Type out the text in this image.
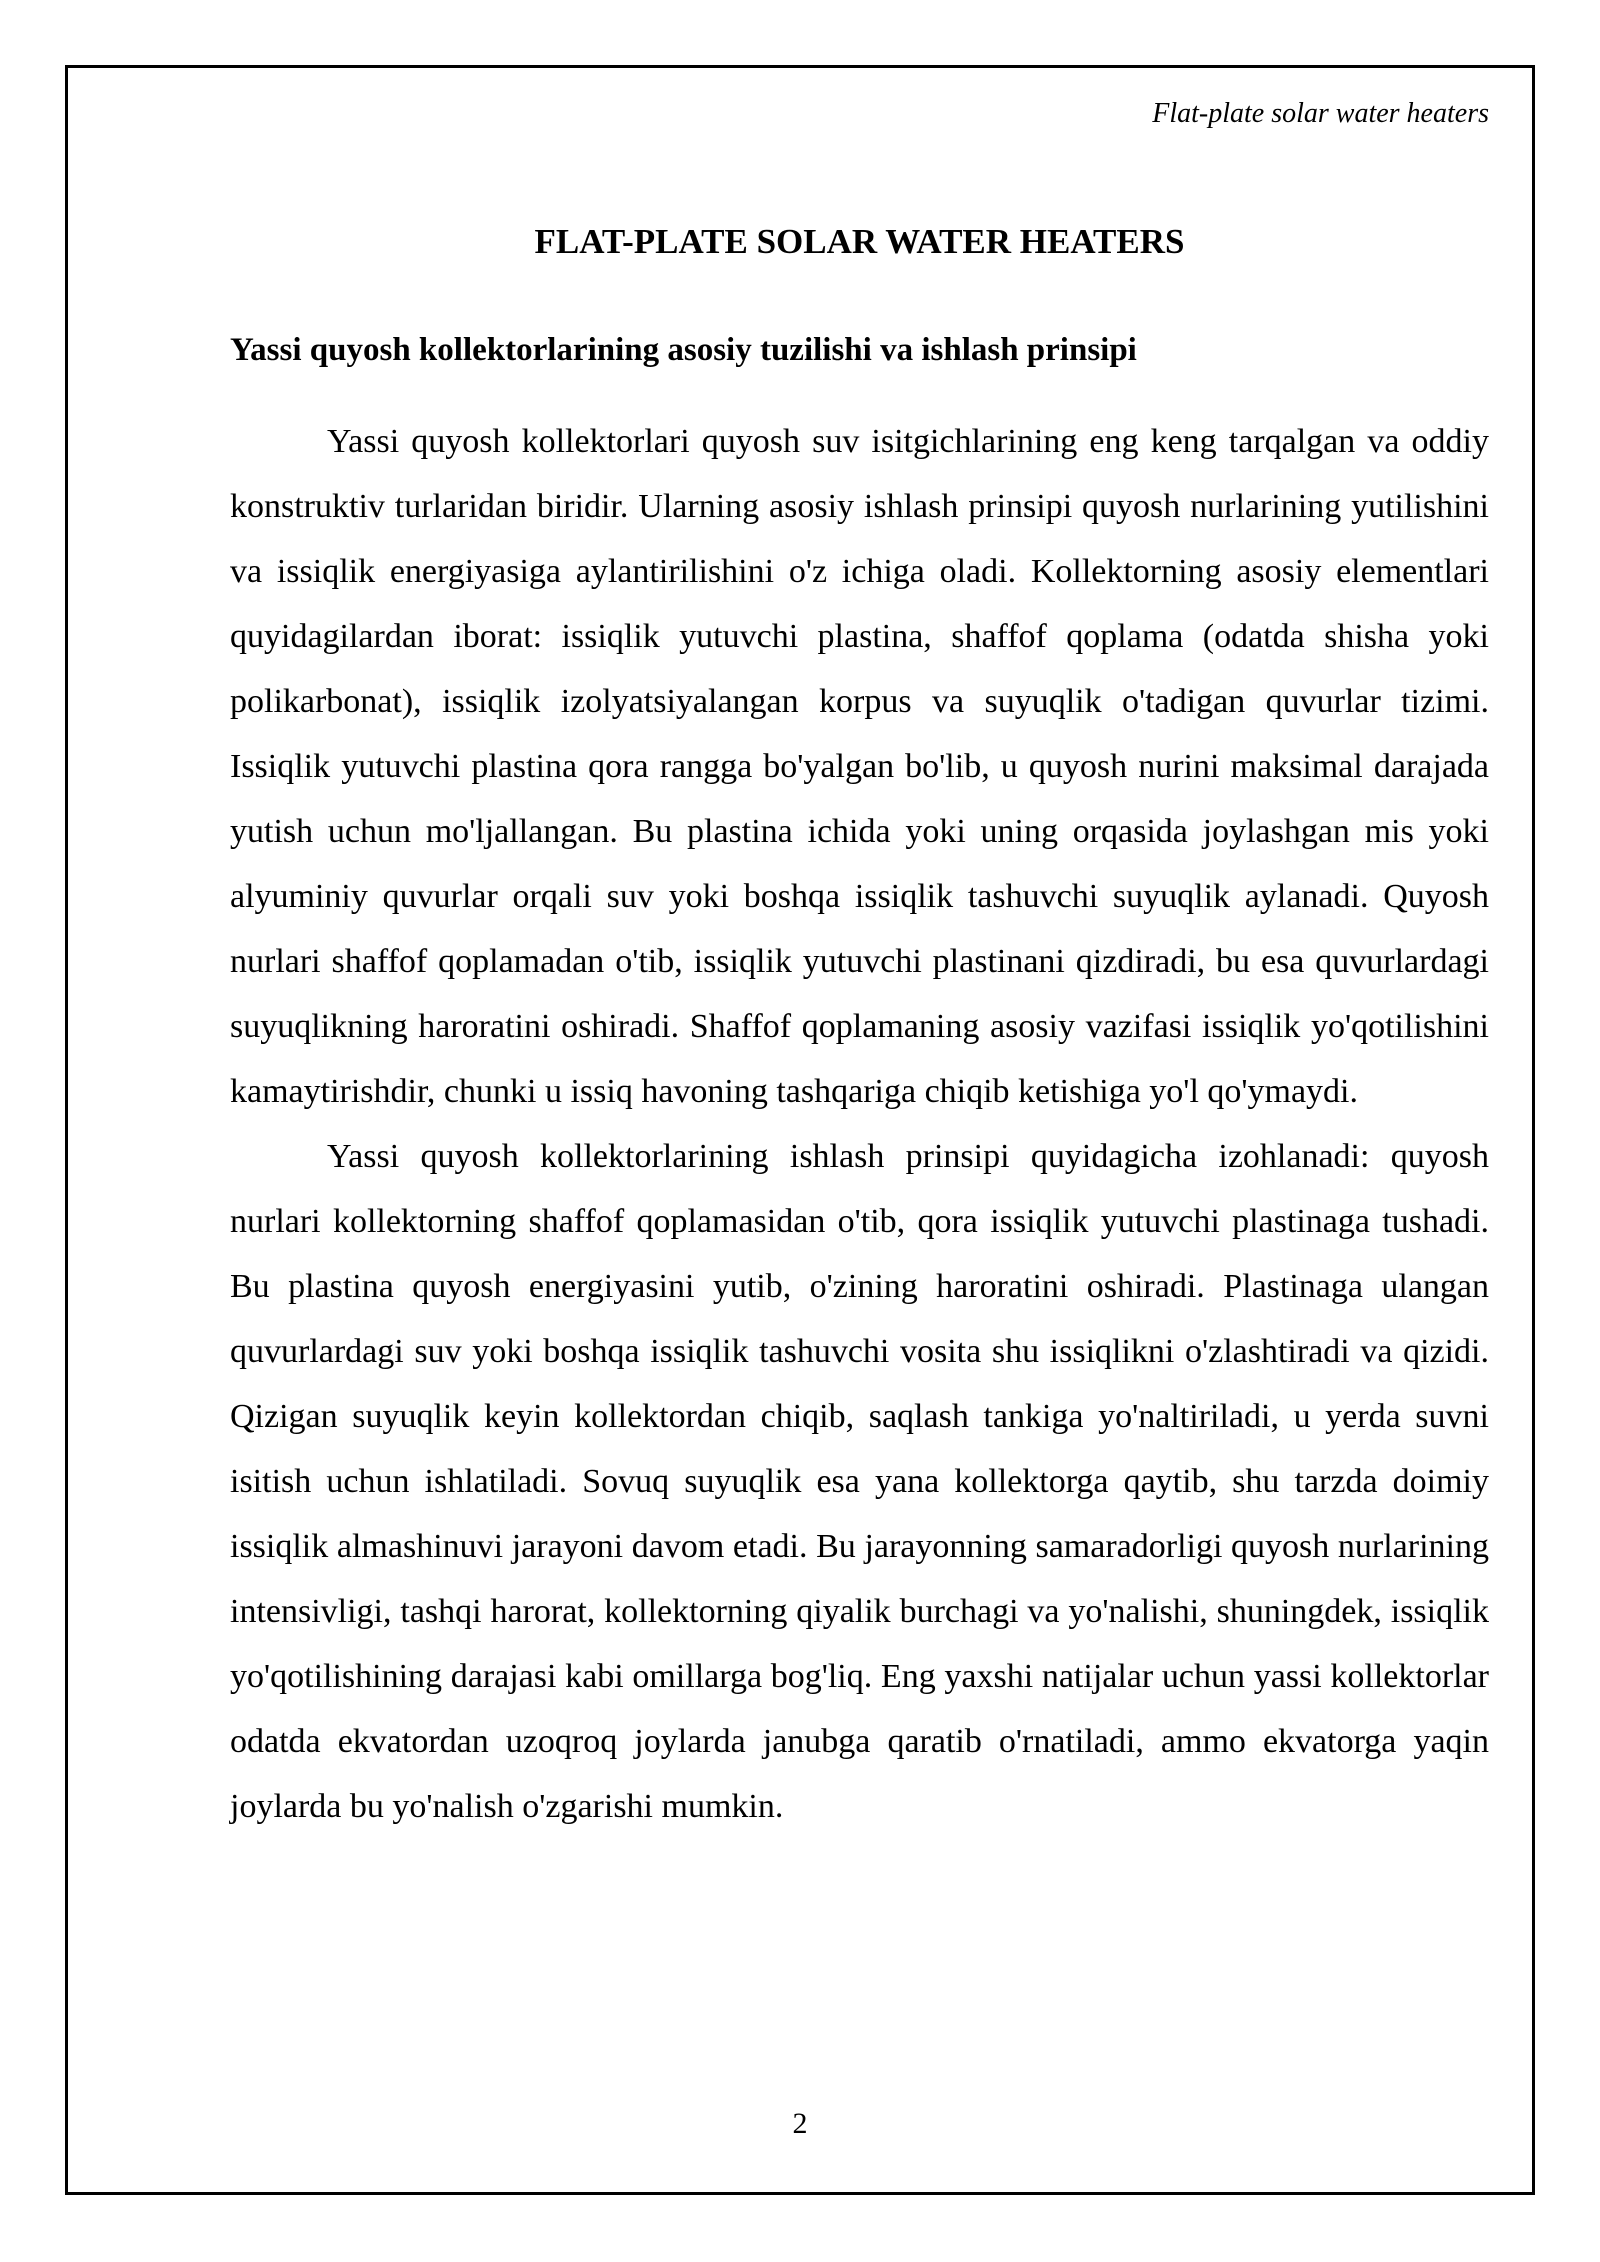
Flat-plate solar water heaters
FLAT-PLATE SOLAR WATER HEATERS
Yassi quyosh kollektorlarining asosiy tuzilishi va ishlash prinsipi

Yassi quyosh kollektorlari quyosh suv isitgichlarining eng keng tarqalgan va oddiy konstruktiv turlaridan biridir. Ularning asosiy ishlash prinsipi quyosh nurlarining yutilishini va issiqlik energiyasiga aylantirilishini o'z ichiga oladi. Kollektorning asosiy elementlari quyidagilardan iborat: issiqlik yutuvchi plastina, shaffof qoplama (odatda shisha yoki polikarbonat), issiqlik izolyatsiyalangan korpus va suyuqlik o'tadigan quvurlar tizimi. Issiqlik yutuvchi plastina qora rangga bo'yalgan bo'lib, u quyosh nurini maksimal darajada yutish uchun mo'ljallangan. Bu plastina ichida yoki uning orqasida joylashgan mis yoki alyuminiy quvurlar orqali suv yoki boshqa issiqlik tashuvchi suyuqlik aylanadi. Quyosh nurlari shaffof qoplamadan o'tib, issiqlik yutuvchi plastinani qizdiradi, bu esa quvurlardagi suyuqlikning haroratini oshiradi. Shaffof qoplamaning asosiy vazifasi issiqlik yo'qotilishini kamaytirishdir, chunki u issiq havoning tashqariga chiqib ketishiga yo'l qo'ymaydi.

Yassi quyosh kollektorlarining ishlash prinsipi quyidagicha izohlanadi: quyosh nurlari kollektorning shaffof qoplamasidan o'tib, qora issiqlik yutuvchi plastinaga tushadi. Bu plastina quyosh energiyasini yutib, o'zining haroratini oshiradi. Plastinaga ulangan quvurlardagi suv yoki boshqa issiqlik tashuvchi vosita shu issiqlikni o'zlashtiradi va qizidi. Qizigan suyuqlik keyin kollektordan chiqib, saqlash tankiga yo'naltiriladi, u yerda suvni isitish uchun ishlatiladi. Sovuq suyuqlik esa yana kollektorga qaytib, shu tarzda doimiy issiqlik almashinuvi jarayoni davom etadi. Bu jarayonning samaradorligi quyosh nurlarining intensivligi, tashqi harorat, kollektorning qiyalik burchagi va yo'nalishi, shuningdek, issiqlik yo'qotilishining darajasi kabi omillarga bog'liq. Eng yaxshi natijalar uchun yassi kollektorlar odatda ekvatordan uzoqroq joylarda janubga qaratib o'rnatiladi, ammo ekvatorga yaqin joylarda bu yo'nalish o'zgarishi mumkin.

2
